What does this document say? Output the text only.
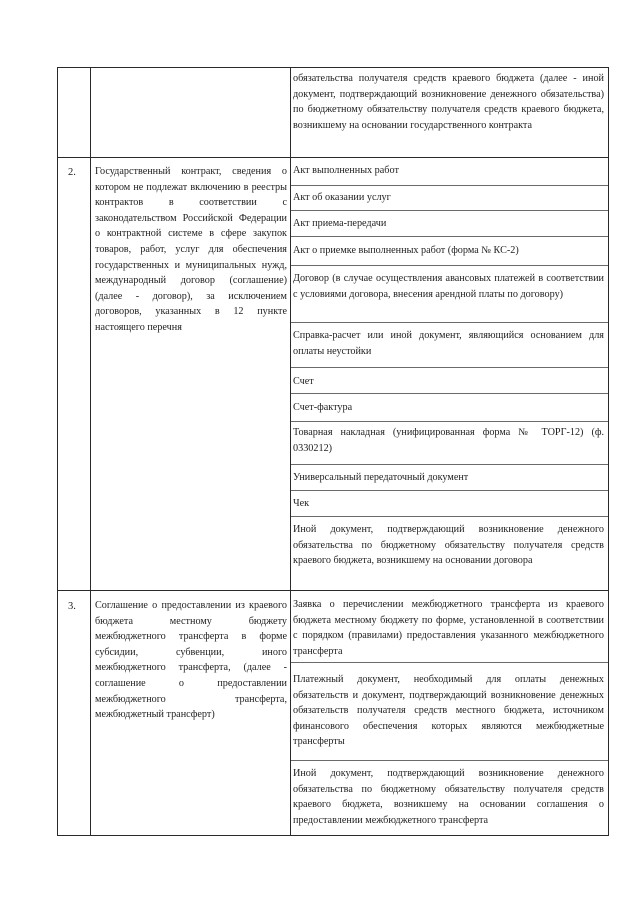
обязательства получателя средств краевого бюджета (далее - иной документ, подтверждающий возникновение денежного обязательства) по бюджетному обязательству получателя средств краевого бюджета, возникшему на основании государственного контракта
2. Государственный контракт, сведения о котором не подлежат включению в реестры контрактов в соответствии с законодательством Российской Федерации о контрактной системе в сфере закупок товаров, работ, услуг для обеспечения государственных и муниципальных нужд, международный договор (соглашение) (далее - договор), за исключением договоров, указанных в 12 пункте настоящего перечня
Акт выполненных работ
Акт об оказании услуг
Акт приема-передачи
Акт о приемке выполненных работ (форма № КС-2)
Договор (в случае осуществления авансовых платежей в соответствии с условиями договора, внесения арендной платы по договору)
Справка-расчет или иной документ, являющийся основанием для оплаты неустойки
Счет
Счет-фактура
Товарная накладная (унифицированная форма № ТОРГ-12) (ф. 0330212)
Универсальный передаточный документ
Чек
Иной документ, подтверждающий возникновение денежного обязательства по бюджетному обязательству получателя средств краевого бюджета, возникшему на основании договора
3. Соглашение о предоставлении из краевого бюджета местному бюджету межбюджетного трансферта в форме субсидии, субвенции, иного межбюджетного трансферта, (далее - соглашение о предоставлении межбюджетного трансферта, межбюджетный трансферт)
Заявка о перечислении межбюджетного трансферта из краевого бюджета местному бюджету по форме, установленной в соответствии с порядком (правилами) предоставления указанного межбюджетного трансферта
Платежный документ, необходимый для оплаты денежных обязательств и документ, подтверждающий возникновение денежных обязательств получателя средств местного бюджета, источником финансового обеспечения которых являются межбюджетные трансферты
Иной документ, подтверждающий возникновение денежного обязательства по бюджетному обязательству получателя средств краевого бюджета, возникшему на основании соглашения о предоставлении межбюджетного трансферта
